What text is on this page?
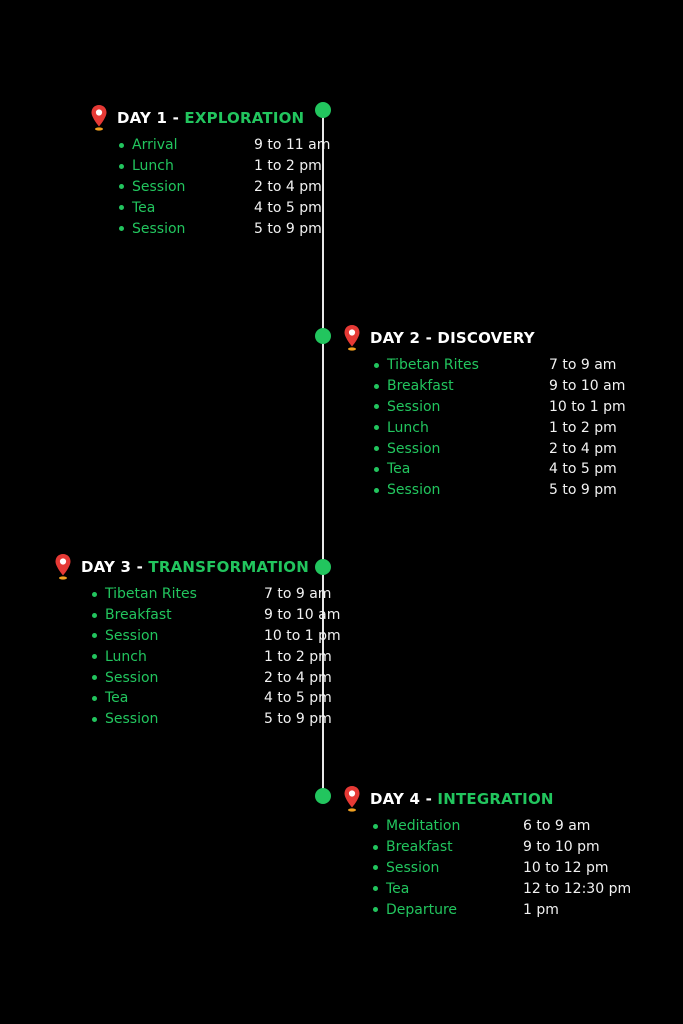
DAY 1 - EXPLORATION
Arrival	9 to 11 am
Lunch	1 to 2 pm
Session	2 to 4 pm
Tea	4 to 5 pm
Session	5 to 9 pm
DAY 2 - DISCOVERY
Tibetan Rites	7 to 9 am
Breakfast	9 to 10 am
Session	10 to 1 pm
Lunch	1 to 2 pm
Session	2 to 4 pm
Tea	4 to 5 pm
Session	5 to 9 pm
DAY 3 - TRANSFORMATION
Tibetan Rites	7 to 9 am
Breakfast	9 to 10 am
Session	10 to 1 pm
Lunch	1 to 2 pm
Session	2 to 4 pm
Tea	4 to 5 pm
Session	5 to 9 pm
DAY 4 - INTEGRATION
Meditation	6 to 9 am
Breakfast	9 to 10 pm
Session	10 to 12 pm
Tea	12 to 12:30 pm
Departure	1 pm
